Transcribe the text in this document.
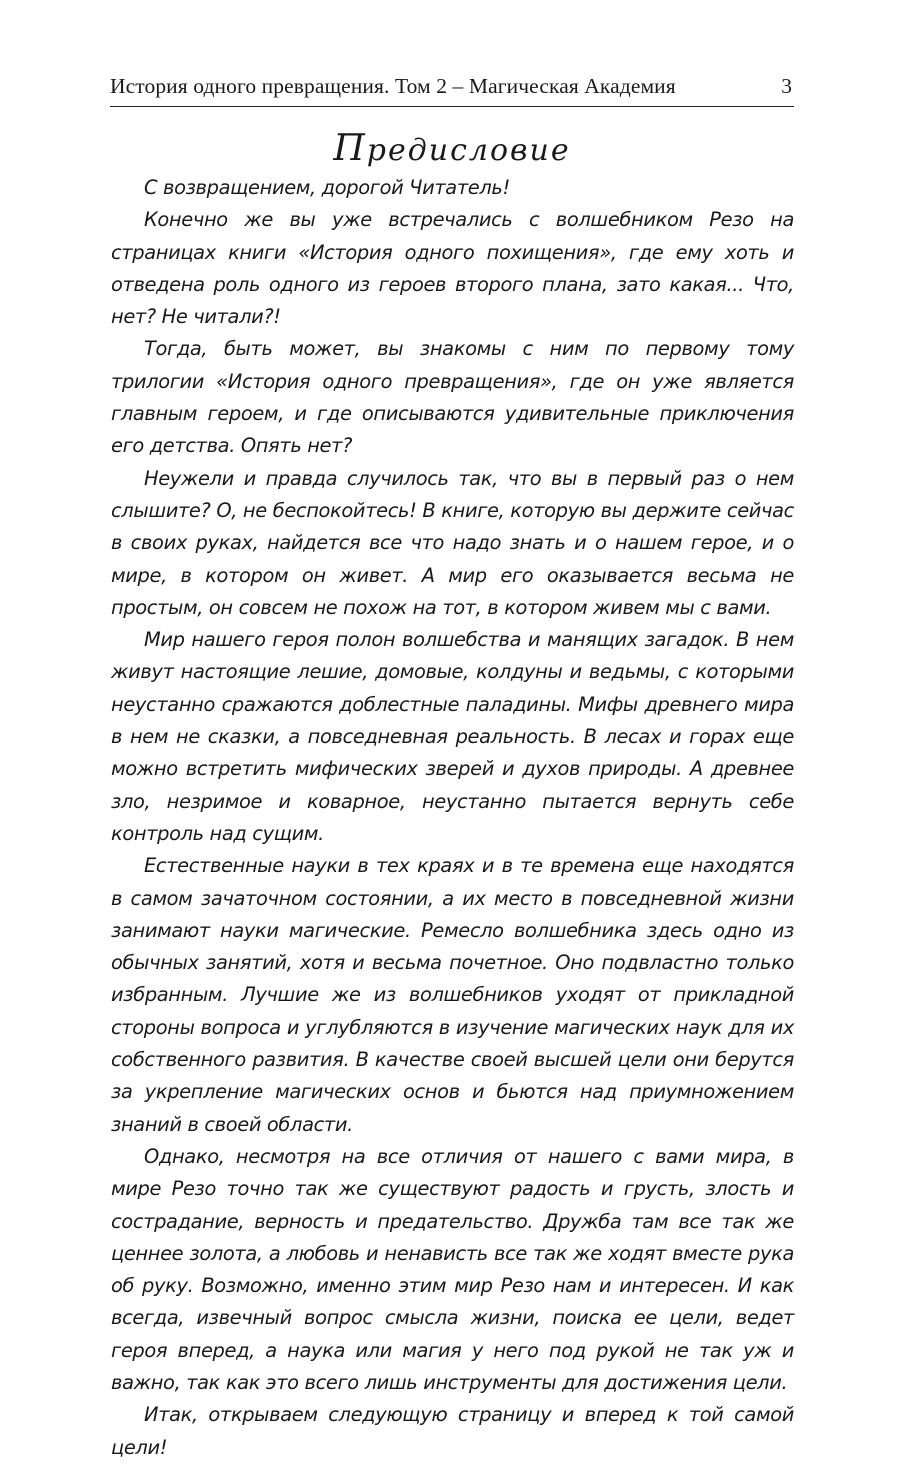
История одного превращения. Том 2 – Магическая Академия	3
Предисловие

С возвращением, дорогой Читатель!

Конечно же вы уже встречались с волшебником Резо на страницах книги «История одного похищения», где ему хоть и отведена роль одного из героев второго плана, зато какая... Что, нет? Не читали?!

Тогда, быть может, вы знакомы с ним по первому тому трилогии «История одного превращения», где он уже является главным героем, и где описываются удивительные приключения его детства. Опять нет?

Неужели и правда случилось так, что вы в первый раз о нем слышите? О, не беспокойтесь! В книге, которую вы держите сейчас в своих руках, найдется все что надо знать и о нашем герое, и о мире, в котором он живет. А мир его оказывается весьма не простым, он совсем не похож на тот, в котором живем мы с вами.

Мир нашего героя полон волшебства и манящих загадок. В нем живут настоящие лешие, домовые, колдуны и ведьмы, с которыми неустанно сражаются доблестные паладины. Мифы древнего мира в нем не сказки, а повседневная реальность. В лесах и горах еще можно встретить мифических зверей и духов природы. А древнее зло, незримое и коварное, неустанно пытается вернуть себе контроль над сущим.

Естественные науки в тех краях и в те времена еще находятся в самом зачаточном состоянии, а их место в повседневной жизни занимают науки магические. Ремесло волшебника здесь одно из обычных занятий, хотя и весьма почетное. Оно подвластно только избранным. Лучшие же из волшебников уходят от прикладной стороны вопроса и углубляются в изучение магических наук для их собственного развития. В качестве своей высшей цели они берутся за укрепление магических основ и бьются над приумножением знаний в своей области.

Однако, несмотря на все отличия от нашего с вами мира, в мире Резо точно так же существуют радость и грусть, злость и сострадание, верность и предательство. Дружба там все так же ценнее золота, а любовь и ненависть все так же ходят вместе рука об руку. Возможно, именно этим мир Резо нам и интересен. И как всегда, извечный вопрос смысла жизни, поиска ее цели, ведет героя вперед, а наука или магия у него под рукой не так уж и важно, так как это всего лишь инструменты для достижения цели.

Итак, открываем следующую страницу и вперед к той самой цели!
